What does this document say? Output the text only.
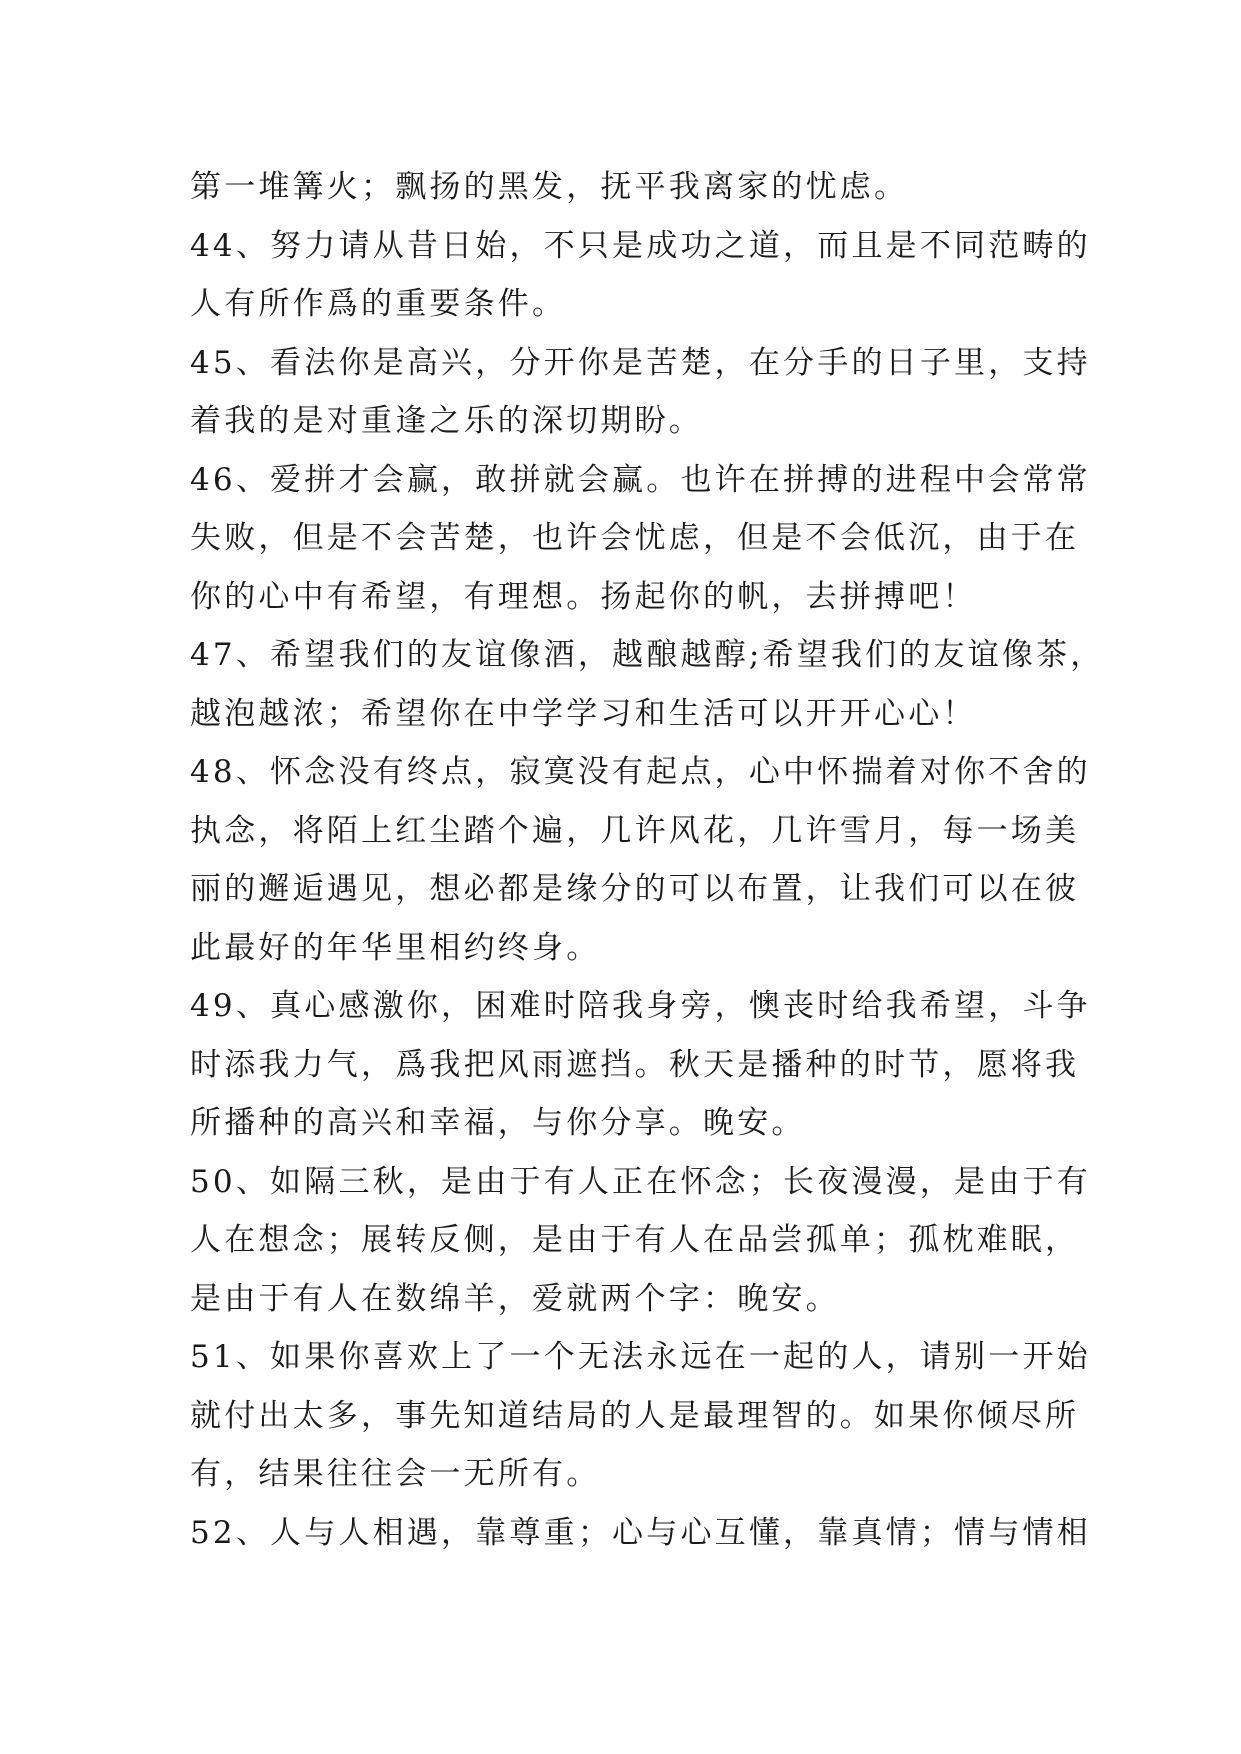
第一堆篝火；飘扬的黑发，抚平我离家的忧虑。
44、努力请从昔日始，不只是成功之道，而且是不同范畴的
人有所作爲的重要条件。
45、看法你是高兴，分开你是苦楚，在分手的日子里，支持
着我的是对重逢之乐的深切期盼。
46、爱拼才会赢，敢拼就会赢。也许在拼搏的进程中会常常
失败，但是不会苦楚，也许会忧虑，但是不会低沉，由于在
你的心中有希望，有理想。扬起你的帆，去拼搏吧！
47、希望我们的友谊像酒，越酿越醇;希望我们的友谊像茶，
越泡越浓；希望你在中学学习和生活可以开开心心！
48、怀念没有终点，寂寞没有起点，心中怀揣着对你不舍的
执念，将陌上红尘踏个遍，几许风花，几许雪月，每一场美
丽的邂逅遇见，想必都是缘分的可以布置，让我们可以在彼
此最好的年华里相约终身。
49、真心感激你，困难时陪我身旁，懊丧时给我希望，斗争
时添我力气，爲我把风雨遮挡。秋天是播种的时节，愿将我
所播种的高兴和幸福，与你分享。晚安。
50、如隔三秋，是由于有人正在怀念；长夜漫漫，是由于有
人在想念；展转反侧，是由于有人在品尝孤单；孤枕难眠，
是由于有人在数绵羊，爱就两个字：晚安。
51、如果你喜欢上了一个无法永远在一起的人，请别一开始
就付出太多，事先知道结局的人是最理智的。如果你倾尽所
有，结果往往会一无所有。
52、人与人相遇，靠尊重；心与心互懂，靠真情；情与情相
